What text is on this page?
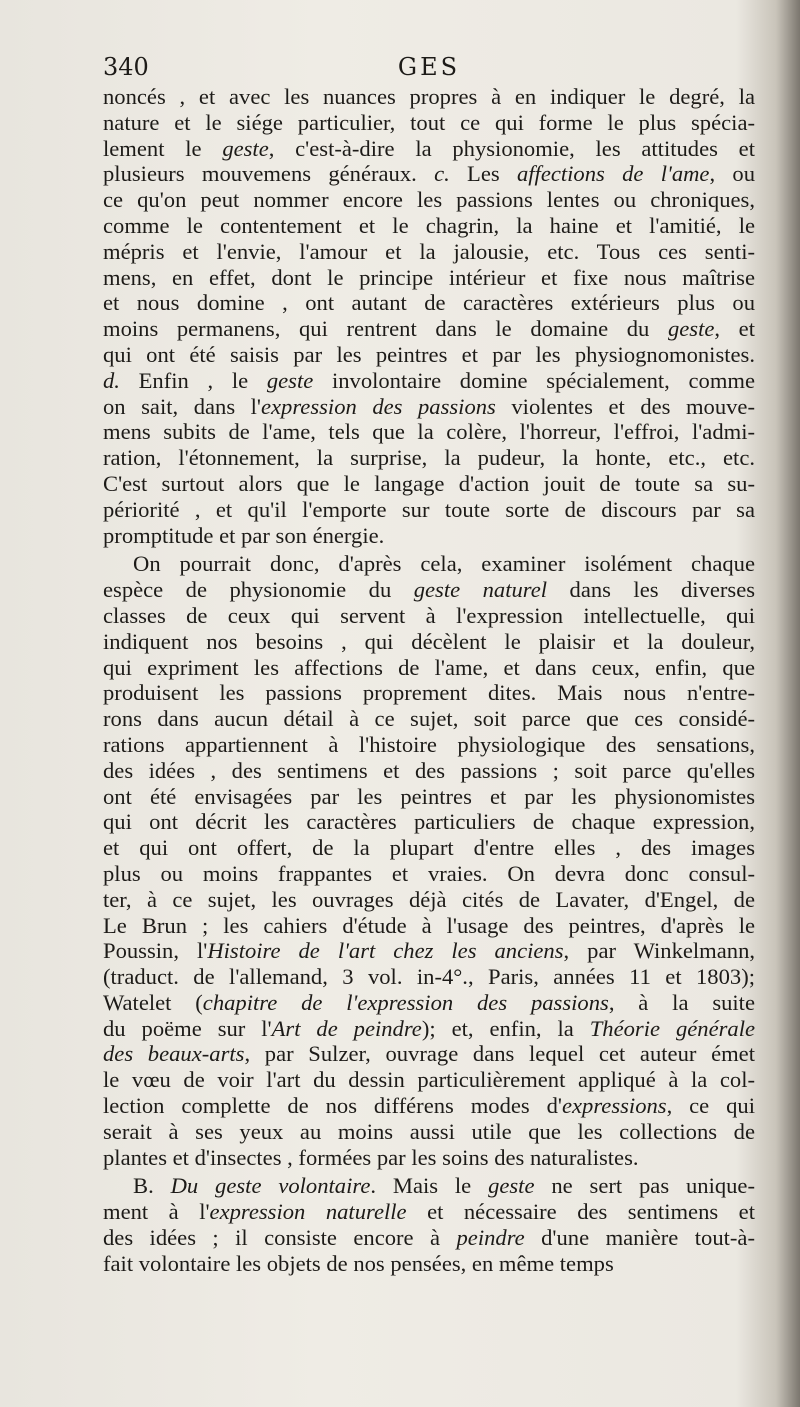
340	GES
noncés , et avec les nuances propres à en indiquer le degré, la
nature et le siége particulier, tout ce qui forme le plus spécia-
lement le geste, c'est-à-dire la physionomie, les attitudes et
plusieurs mouvemens généraux. c. Les affections de l'ame, ou
ce qu'on peut nommer encore les passions lentes ou chroniques,
comme le contentement et le chagrin, la haine et l'amitié, le
mépris et l'envie, l'amour et la jalousie, etc. Tous ces senti-
mens, en effet, dont le principe intérieur et fixe nous maîtrise
et nous domine , ont autant de caractères extérieurs plus ou
moins permanens, qui rentrent dans le domaine du geste, et
qui ont été saisis par les peintres et par les physiognomonistes.
d. Enfin , le geste involontaire domine spécialement, comme
on sait, dans l'expression des passions violentes et des mouve-
mens subits de l'ame, tels que la colère, l'horreur, l'effroi, l'admi-
ration, l'étonnement, la surprise, la pudeur, la honte, etc., etc.
C'est surtout alors que le langage d'action jouit de toute sa su-
périorité , et qu'il l'emporte sur toute sorte de discours par sa
promptitude et par son énergie.
On pourrait donc, d'après cela, examiner isolément chaque
espèce de physionomie du geste naturel dans les diverses
classes de ceux qui servent à l'expression intellectuelle, qui
indiquent nos besoins , qui décèlent le plaisir et la douleur,
qui expriment les affections de l'ame, et dans ceux, enfin, que
produisent les passions proprement dites. Mais nous n'entre-
rons dans aucun détail à ce sujet, soit parce que ces considé-
rations appartiennent à l'histoire physiologique des sensations,
des idées , des sentimens et des passions ; soit parce qu'elles
ont été envisagées par les peintres et par les physionomistes
qui ont décrit les caractères particuliers de chaque expression,
et qui ont offert, de la plupart d'entre elles , des images
plus ou moins frappantes et vraies. On devra donc consul-
ter, à ce sujet, les ouvrages déjà cités de Lavater, d'Engel, de
Le Brun ; les cahiers d'étude à l'usage des peintres, d'après le
Poussin, l'Histoire de l'art chez les anciens, par Winkelmann,
(traduct. de l'allemand, 3 vol. in-4°., Paris, années 11 et 1803);
Watelet (chapitre de l'expression des passions, à la suite
du poëme sur l'Art de peindre); et, enfin, la Théorie générale
des beaux-arts, par Sulzer, ouvrage dans lequel cet auteur émet
le vœu de voir l'art du dessin particulièrement appliqué à la col-
lection complette de nos différens modes d'expressions, ce qui
serait à ses yeux au moins aussi utile que les collections de
plantes et d'insectes , formées par les soins des naturalistes.
B. Du geste volontaire. Mais le geste ne sert pas unique-
ment à l'expression naturelle et nécessaire des sentimens et
des idées ; il consiste encore à peindre d'une manière tout-à-
fait volontaire les objets de nos pensées, en même temps
